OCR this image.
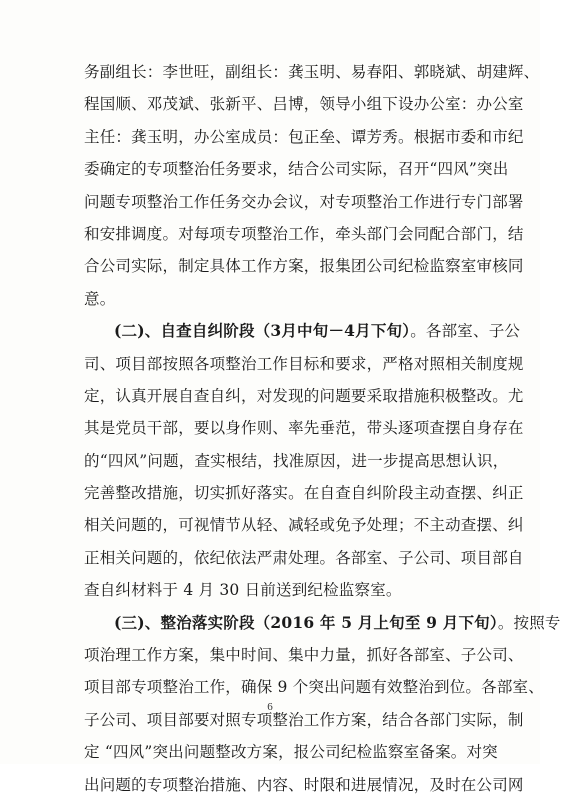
务副组长：李世旺，副组长：龚玉明、易春阳、郭晓斌、胡建辉、
程国顺、邓茂斌、张新平、吕博，领导小组下设办公室：办公室
主任：龚玉明，办公室成员：包正垒、谭芳秀。根据市委和市纪
委确定的专项整治任务要求，结合公司实际，召开“四风”突出
问题专项整治工作任务交办会议，对专项整治工作进行专门部署
和安排调度。对每项专项整治工作，牵头部门会同配合部门，结
合公司实际，制定具体工作方案，报集团公司纪检监察室审核同
意。
(二)、自查自纠阶段（3月中旬－4月下旬）。各部室、子公
司、项目部按照各项整治工作目标和要求，严格对照相关制度规
定，认真开展自查自纠，对发现的问题要采取措施积极整改。尤
其是党员干部，要以身作则、率先垂范，带头逐项查摆自身存在
的“四风”问题，查实根结，找准原因，进一步提高思想认识，
完善整改措施，切实抓好落实。在自查自纠阶段主动查摆、纠正
相关问题的，可视情节从轻、减轻或免予处理；不主动查摆、纠
正相关问题的，依纪依法严肃处理。各部室、子公司、项目部自
查自纠材料于 4 月 30 日前送到纪检监察室。
(三)、整治落实阶段（2016 年 5 月上旬至 9 月下旬）。按照专
项治理工作方案，集中时间、集中力量，抓好各部室、子公司、
项目部专项整治工作，确保 9 个突出问题有效整治到位。各部室、
子公司、项目部要对照专项整治工作方案，结合各部门实际，制
定 “四风”突出问题整改方案，报公司纪检监察室备案。对突
出问题的专项整治措施、内容、时限和进展情况，及时在公司网
6
